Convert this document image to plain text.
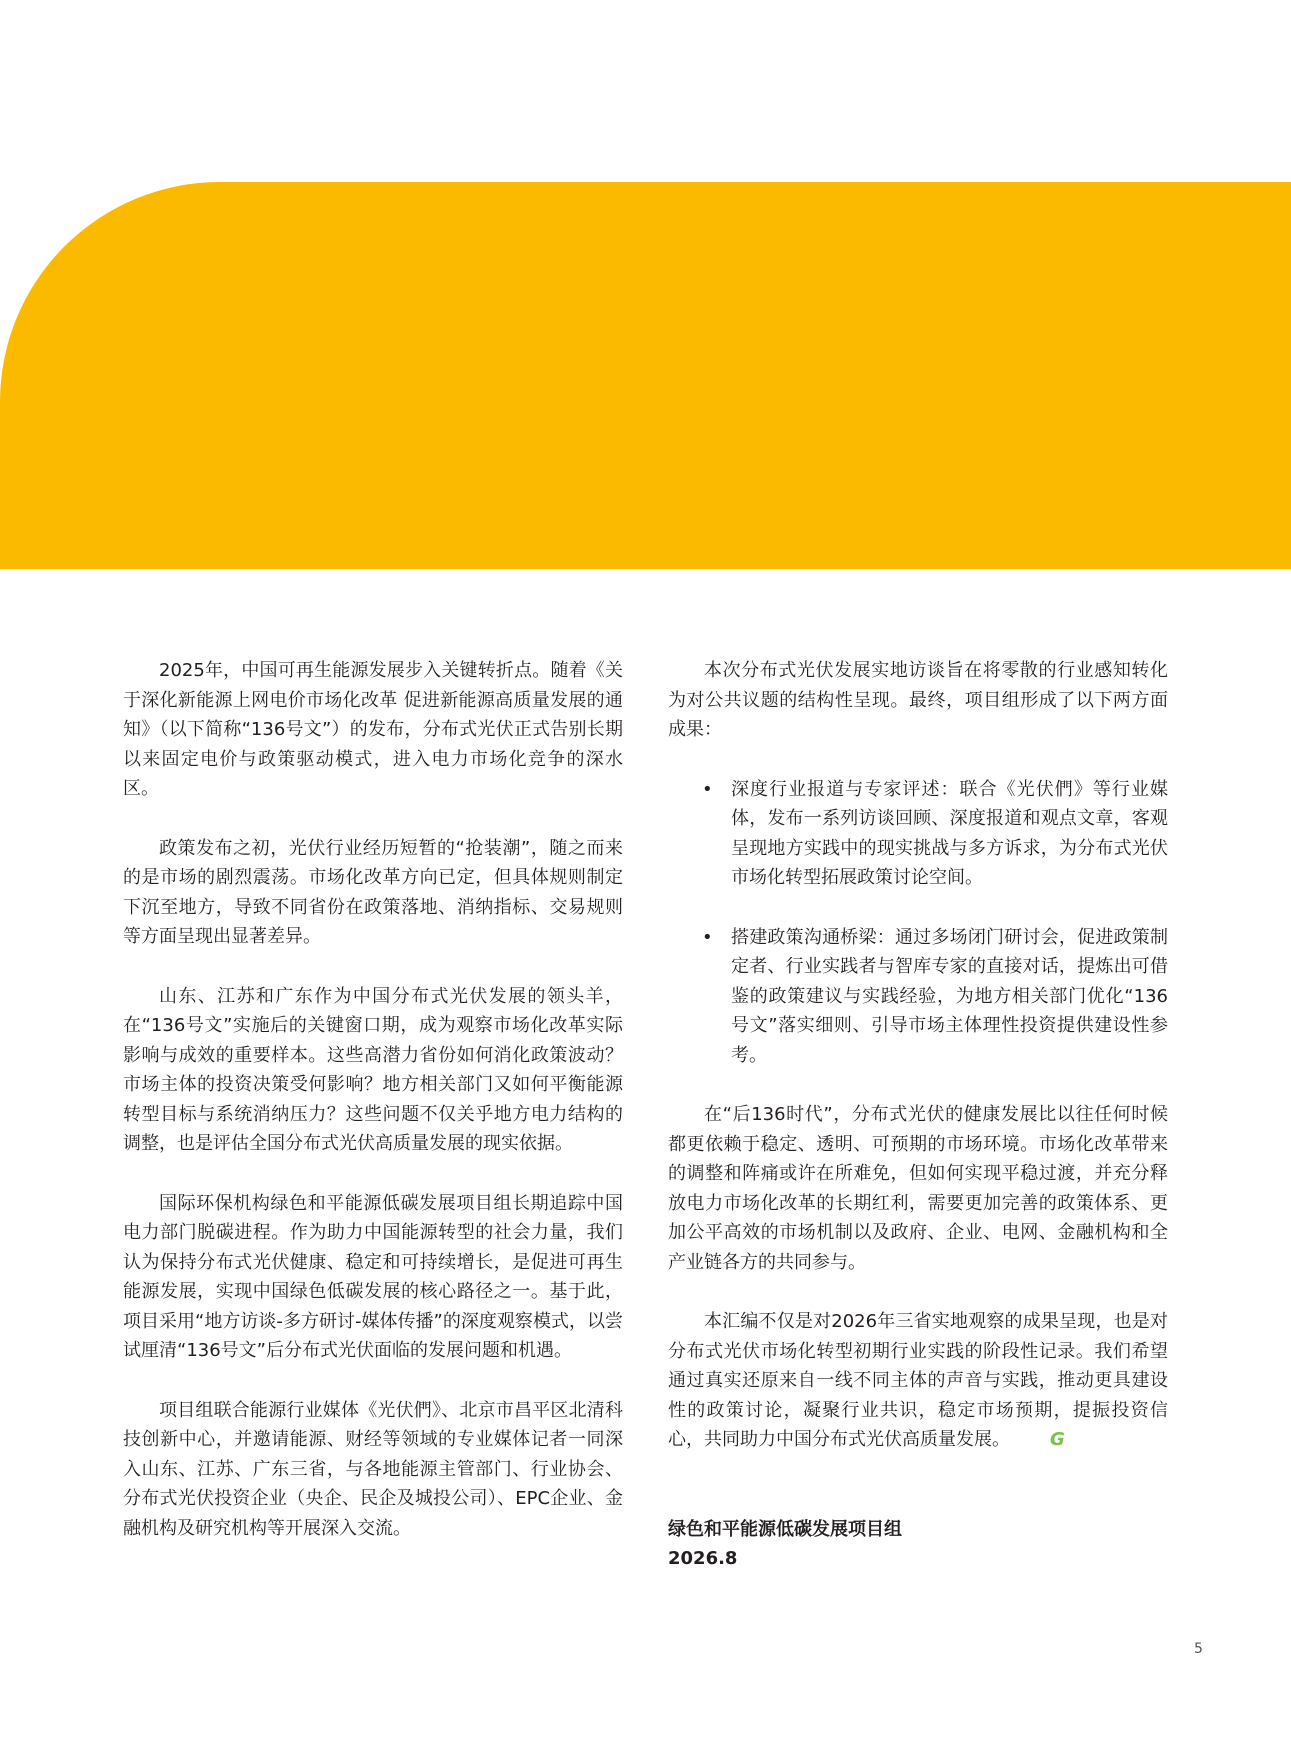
2025年，中国可再生能源发展步入关键转折点。随着《关于深化新能源上网电价市场化改革 促进新能源高质量发展的通知》（以下简称“136号文”）的发布，分布式光伏正式告别长期以来固定电价与政策驱动模式，进入电力市场化竞争的深水区。

政策发布之初，光伏行业经历短暂的“抢装潮”，随之而来的是市场的剧烈震荡。市场化改革方向已定，但具体规则制定下沉至地方，导致不同省份在政策落地、消纳指标、交易规则等方面呈现出显著差异。

山东、江苏和广东作为中国分布式光伏发展的领头羊，在“136号文”实施后的关键窗口期，成为观察市场化改革实际影响与成效的重要样本。这些高潜力省份如何消化政策波动？市场主体的投资决策受何影响？地方相关部门又如何平衡能源转型目标与系统消纳压力？这些问题不仅关乎地方电力结构的调整，也是评估全国分布式光伏高质量发展的现实依据。

国际环保机构绿色和平能源低碳发展项目组长期追踪中国电力部门脱碳进程。作为助力中国能源转型的社会力量，我们认为保持分布式光伏健康、稳定和可持续增长，是促进可再生能源发展，实现中国绿色低碳发展的核心路径之一。基于此，项目采用“地方访谈-多方研讨-媒体传播”的深度观察模式，以尝试厘清“136号文”后分布式光伏面临的发展问题和机遇。

项目组联合能源行业媒体《光伏們》、北京市昌平区北清科技创新中心，并邀请能源、财经等领域的专业媒体记者一同深入山东、江苏、广东三省，与各地能源主管部门、行业协会、分布式光伏投资企业（央企、民企及城投公司）、EPC企业、金融机构及研究机构等开展深入交流。

本次分布式光伏发展实地访谈旨在将零散的行业感知转化为对公共议题的结构性呈现。最终，项目组形成了以下两方面成果：

• 深度行业报道与专家评述：联合《光伏們》等行业媒体，发布一系列访谈回顾、深度报道和观点文章，客观呈现地方实践中的现实挑战与多方诉求，为分布式光伏市场化转型拓展政策讨论空间。
• 搭建政策沟通桥梁：通过多场闭门研讨会，促进政策制定者、行业实践者与智库专家的直接对话，提炼出可借鉴的政策建议与实践经验，为地方相关部门优化“136号文”落实细则、引导市场主体理性投资提供建设性参考。

在“后136时代”，分布式光伏的健康发展比以往任何时候都更依赖于稳定、透明、可预期的市场环境。市场化改革带来的调整和阵痛或许在所难免，但如何实现平稳过渡，并充分释放电力市场化改革的长期红利，需要更加完善的政策体系、更加公平高效的市场机制以及政府、企业、电网、金融机构和全产业链各方的共同参与。

本汇编不仅是对2026年三省实地观察的成果呈现，也是对分布式光伏市场化转型初期行业实践的阶段性记录。我们希望通过真实还原来自一线不同主体的声音与实践，推动更具建设性的政策讨论，凝聚行业共识，稳定市场预期，提振投资信心，共同助力中国分布式光伏高质量发展。 G

绿色和平能源低碳发展项目组
2026.8
5
